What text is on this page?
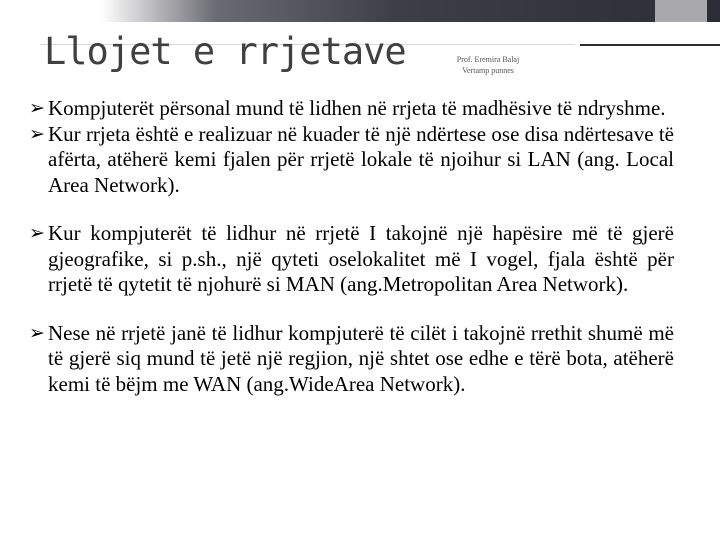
Llojet e rrjetave	Prof. Eremira Balaj
Vertamp punnes

➢ Kompjuterët përsonal mund të lidhen në rrjeta të madhësive të ndryshme.

➢ Kur rrjeta është e realizuar në kuader të një ndërtese ose disa ndërtesave të afërta, atëherë kemi fjalen për rrjetë lokale të njoihur si LAN (ang. Local Area Network).

➢ Kur kompjuterët të lidhur në rrjetë I takojnë një hapësire më të gjerë gjeografike, si p.sh., një qyteti oselokalitet më I vogel, fjala është për rrjetë të qytetit të njohurë si MAN (ang.Metropolitan Area Network).

➢ Nese në rrjetë janë të lidhur kompjuterë të cilët i takojnë rrethit shumë më të gjerë siq mund të jetë një regjion, një shtet ose edhe e tërë bota, atëherë kemi të bëjm me WAN (ang.WideArea Network).
